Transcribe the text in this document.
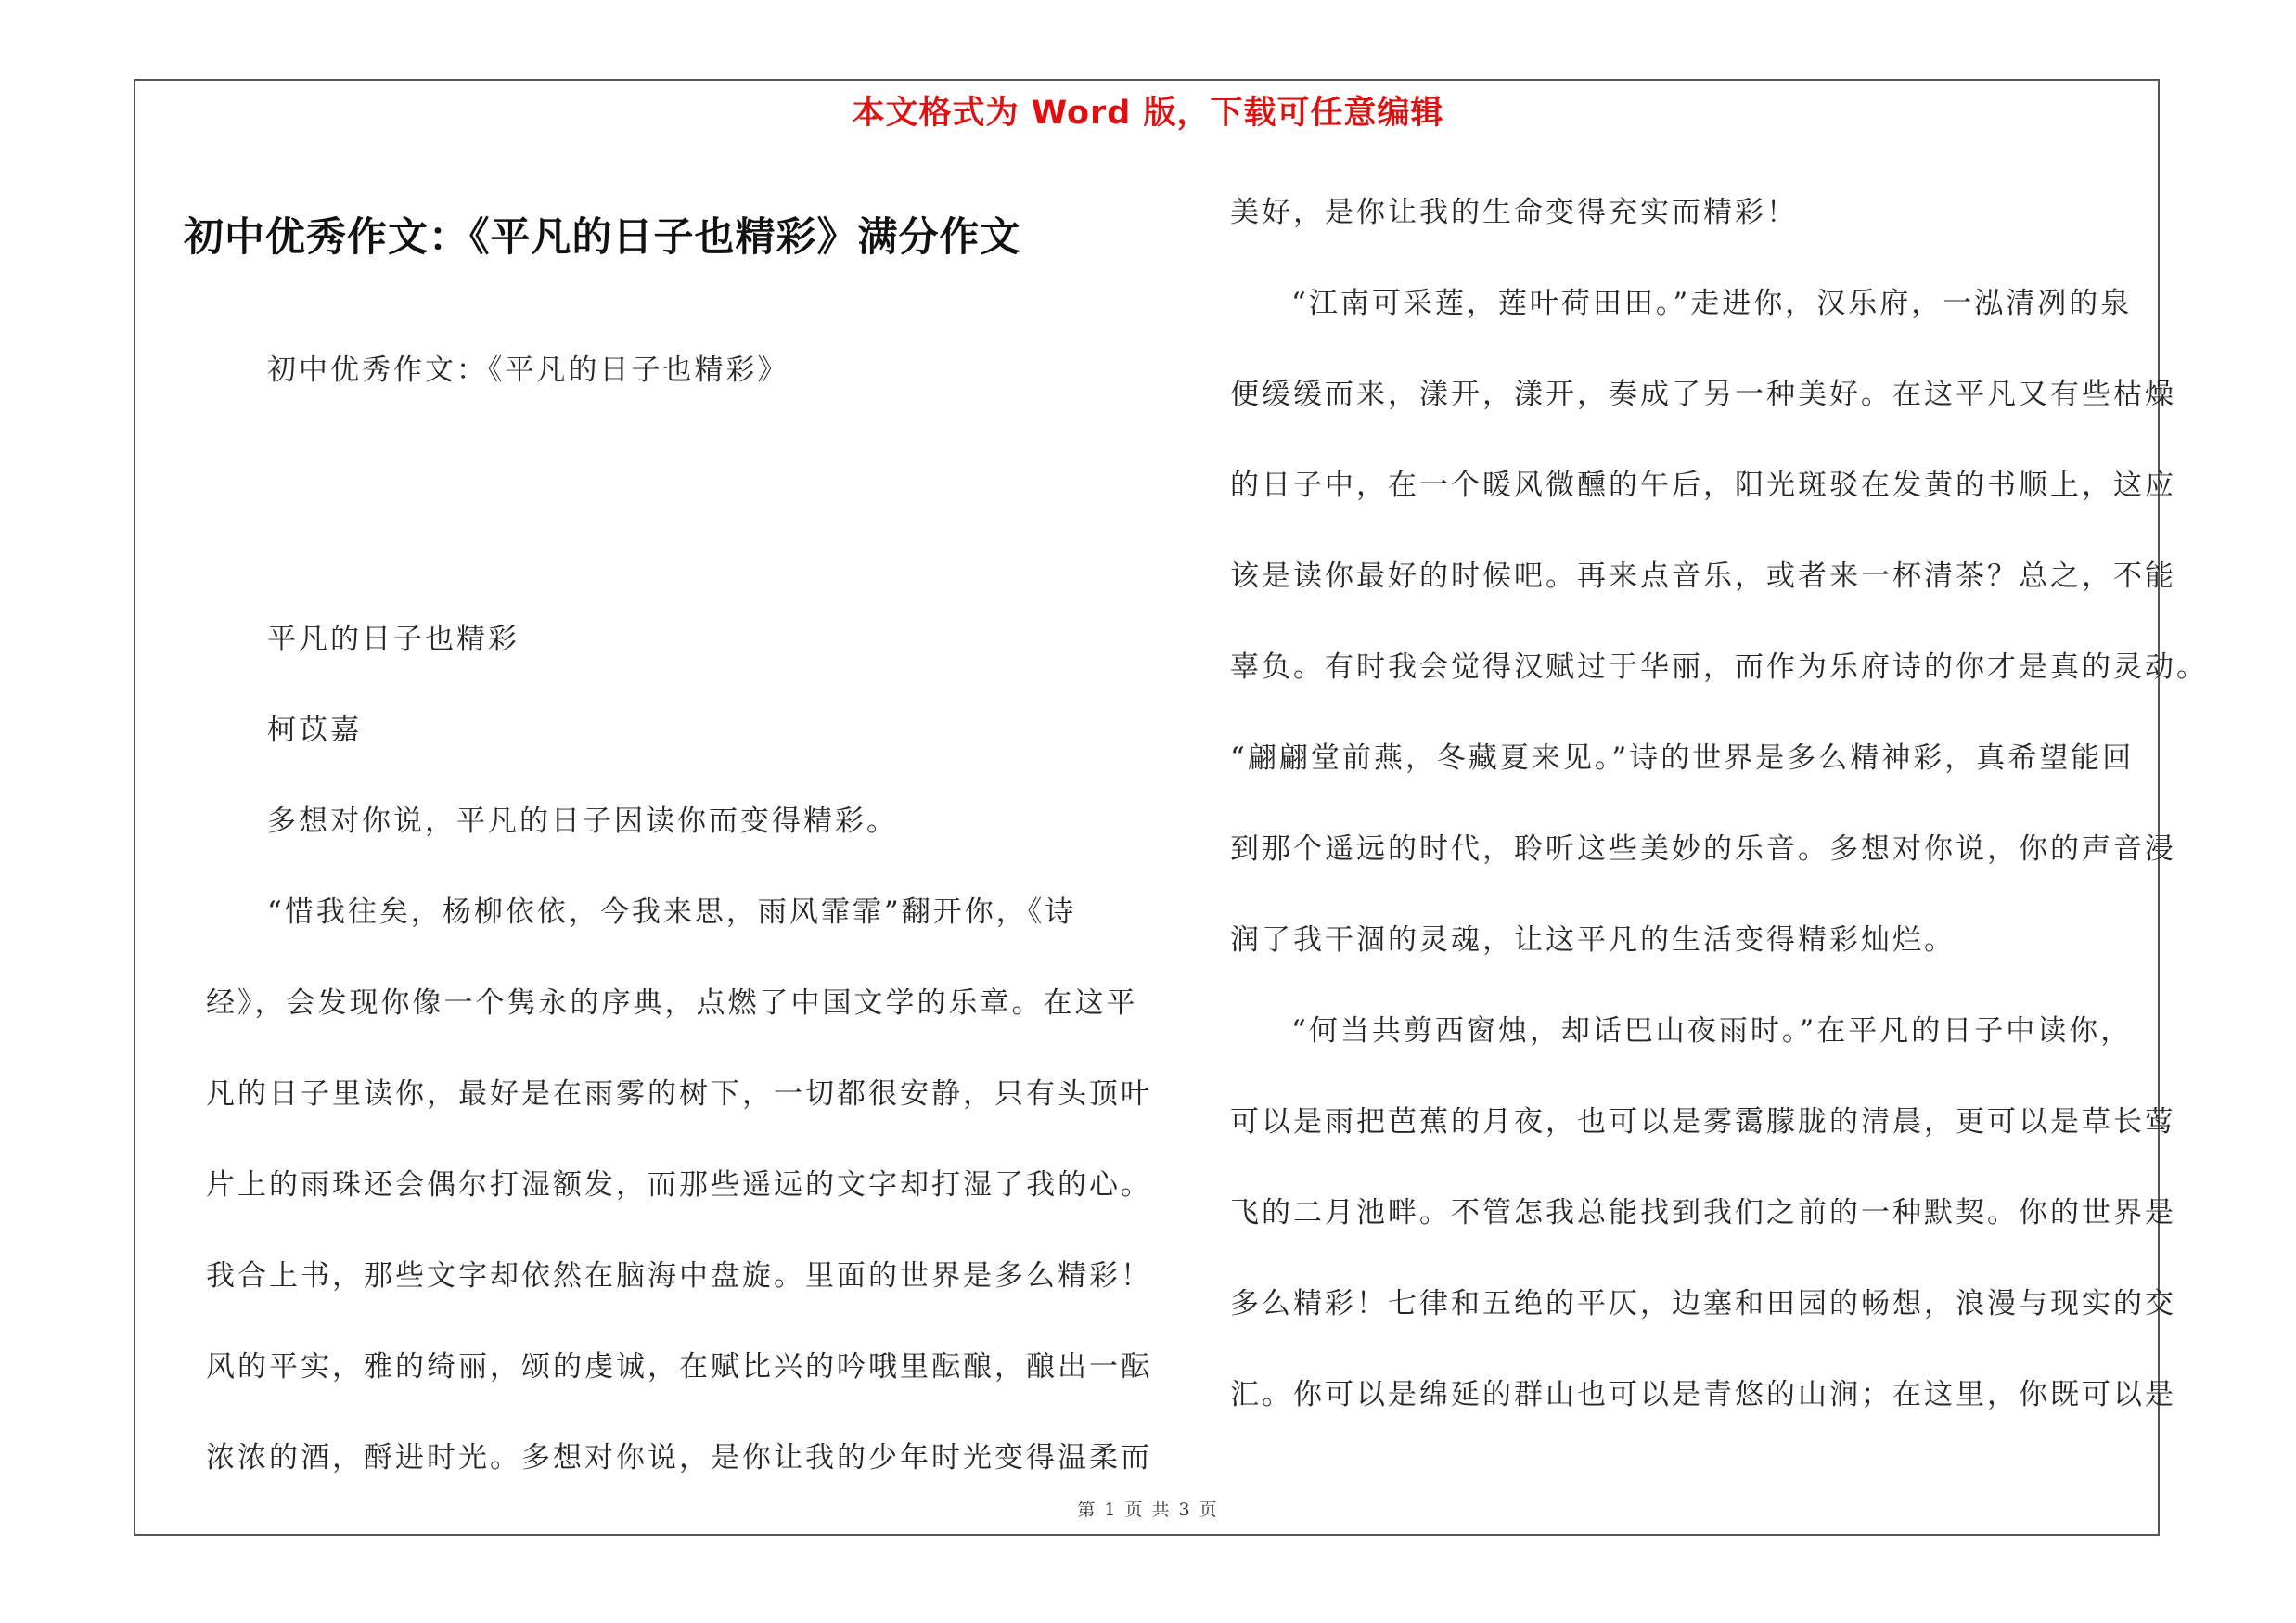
本文格式为 Word 版，下载可任意编辑
初中优秀作文：《平凡的日子也精彩》满分作文
初中优秀作文：《平凡的日子也精彩》
平凡的日子也精彩
柯苡嘉
多想对你说，平凡的日子因读你而变得精彩。
“惜我往矣，杨柳依依，今我来思，雨风霏霏”翻开你，《诗
经》，会发现你像一个隽永的序典，点燃了中国文学的乐章。在这平
凡的日子里读你，最好是在雨雾的树下，一切都很安静，只有头顶叶
片上的雨珠还会偶尔打湿额发，而那些遥远的文字却打湿了我的心。
我合上书，那些文字却依然在脑海中盘旋。里面的世界是多么精彩！
风的平实，雅的绮丽，颂的虔诚，在赋比兴的吟哦里酝酿，酿出一酝
浓浓的酒，酹进时光。多想对你说，是你让我的少年时光变得温柔而
美好，是你让我的生命变得充实而精彩！
“江南可采莲，莲叶荷田田。”走进你，汉乐府，一泓清冽的泉
便缓缓而来，漾开，漾开，奏成了另一种美好。在这平凡又有些枯燥
的日子中，在一个暖风微醺的午后，阳光斑驳在发黄的书顺上，这应
该是读你最好的时候吧。再来点音乐，或者来一杯清茶？总之，不能
辜负。有时我会觉得汉赋过于华丽，而作为乐府诗的你才是真的灵动。
“翩翩堂前燕，冬藏夏来见。”诗的世界是多么精神彩，真希望能回
到那个遥远的时代，聆听这些美妙的乐音。多想对你说，你的声音浸
润了我干涸的灵魂，让这平凡的生活变得精彩灿烂。
“何当共剪西窗烛，却话巴山夜雨时。”在平凡的日子中读你，
可以是雨把芭蕉的月夜，也可以是雾霭朦胧的清晨，更可以是草长莺
飞的二月池畔。不管怎我总能找到我们之前的一种默契。你的世界是
多么精彩！七律和五绝的平仄，边塞和田园的畅想，浪漫与现实的交
汇。你可以是绵延的群山也可以是青悠的山涧；在这里，你既可以是
第 1 页 共 3 页
